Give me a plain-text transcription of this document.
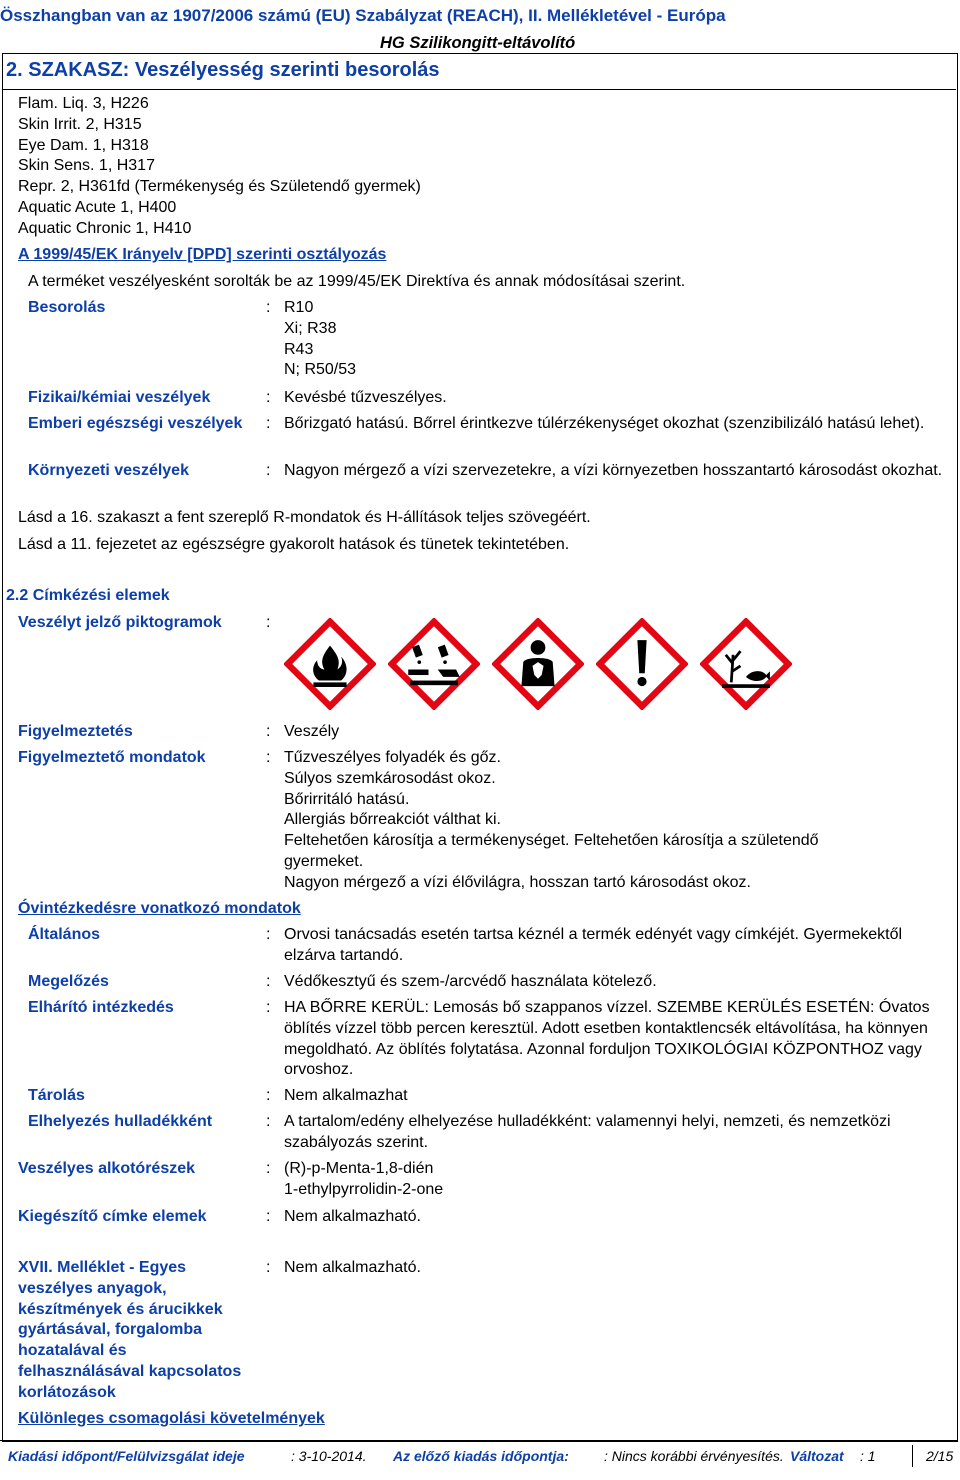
Összhangban van az 1907/2006 számú (EU) Szabályzat (REACH), II. Mellékletével - Európa
HG Szilikongitt-eltávolító
2. SZAKASZ: Veszélyesség szerinti besorolás
Flam. Liq. 3, H226
Skin Irrit. 2, H315
Eye Dam. 1, H318
Skin Sens. 1, H317
Repr. 2, H361fd (Termékenység és Születendő gyermek)
Aquatic Acute 1, H400
Aquatic Chronic 1, H410
A 1999/45/EK Irányelv [DPD] szerinti osztályozás
A terméket veszélyesként sorolták be az 1999/45/EK Direktíva és annak módosításai szerint.
Besorolás	: R10
Xi; R38
R43
N; R50/53
Fizikai/kémiai veszélyek	: Kevésbé tűzveszélyes.
Emberi egészségi veszélyek	: Bőrizgató hatású. Bőrrel érintkezve túlérzékenységet okozhat (szenzibilizáló hatású lehet).
Környezeti veszélyek	: Nagyon mérgező a vízi szervezetekre, a vízi környezetben hosszantartó károsodást okozhat.
Lásd a 16. szakaszt a fent szereplő R-mondatok és H-állítások teljes szövegéért.
Lásd a 11. fejezetet az egészségre gyakorolt hatások és tünetek tekintetében.
2.2 Címkézési elemek
Veszélyt jelző piktogramok	:
Figyelmeztetés	: Veszély
Figyelmeztető mondatok	: Tűzveszélyes folyadék és gőz.
Súlyos szemkárosodást okoz.
Bőrirritáló hatású.
Allergiás bőrreakciót válthat ki.
Feltehetően károsítja a termékenységet. Feltehetően károsítja a születendő gyermeket.
Nagyon mérgező a vízi élővilágra, hosszan tartó károsodást okoz.
Óvintézkedésre vonatkozó mondatok
Általános	: Orvosi tanácsadás esetén tartsa kéznél a termék edényét vagy címkéjét. Gyermekektől elzárva tartandó.
Megelőzés	: Védőkesztyű és szem-/arcvédő használata kötelező.
Elhárító intézkedés	: HA BŐRRE KERÜL: Lemosás bő szappanos vízzel. SZEMBE KERÜLÉS ESETÉN: Óvatos öblítés vízzel több percen keresztül. Adott esetben kontaktlencsék eltávolítása, ha könnyen megoldható. Az öblítés folytatása. Azonnal forduljon TOXIKOLÓGIAI KÖZPONTHOZ vagy orvoshoz.
Tárolás	: Nem alkalmazhat
Elhelyezés hulladékként	: A tartalom/edény elhelyezése hulladékként: valamennyi helyi, nemzeti, és nemzetközi szabályozás szerint.
Veszélyes alkotórészek	: (R)-p-Menta-1,8-dién
1-ethylpyrrolidin-2-one
Kiegészítő címke elemek	: Nem alkalmazható.
XVII. Melléklet - Egyes veszélyes anyagok, készítmények és árucikkek gyártásával, forgalomba hozatalával és felhasználásával kapcsolatos korlátozások
: Nem alkalmazható.
Különleges csomagolási követelmények
Kiadási időpont/Felülvizsgálat ideje	: 3-10-2014. Az előző kiadás időpontja:	: Nincs korábbi érvényesítés. Változat : 1	2/15
